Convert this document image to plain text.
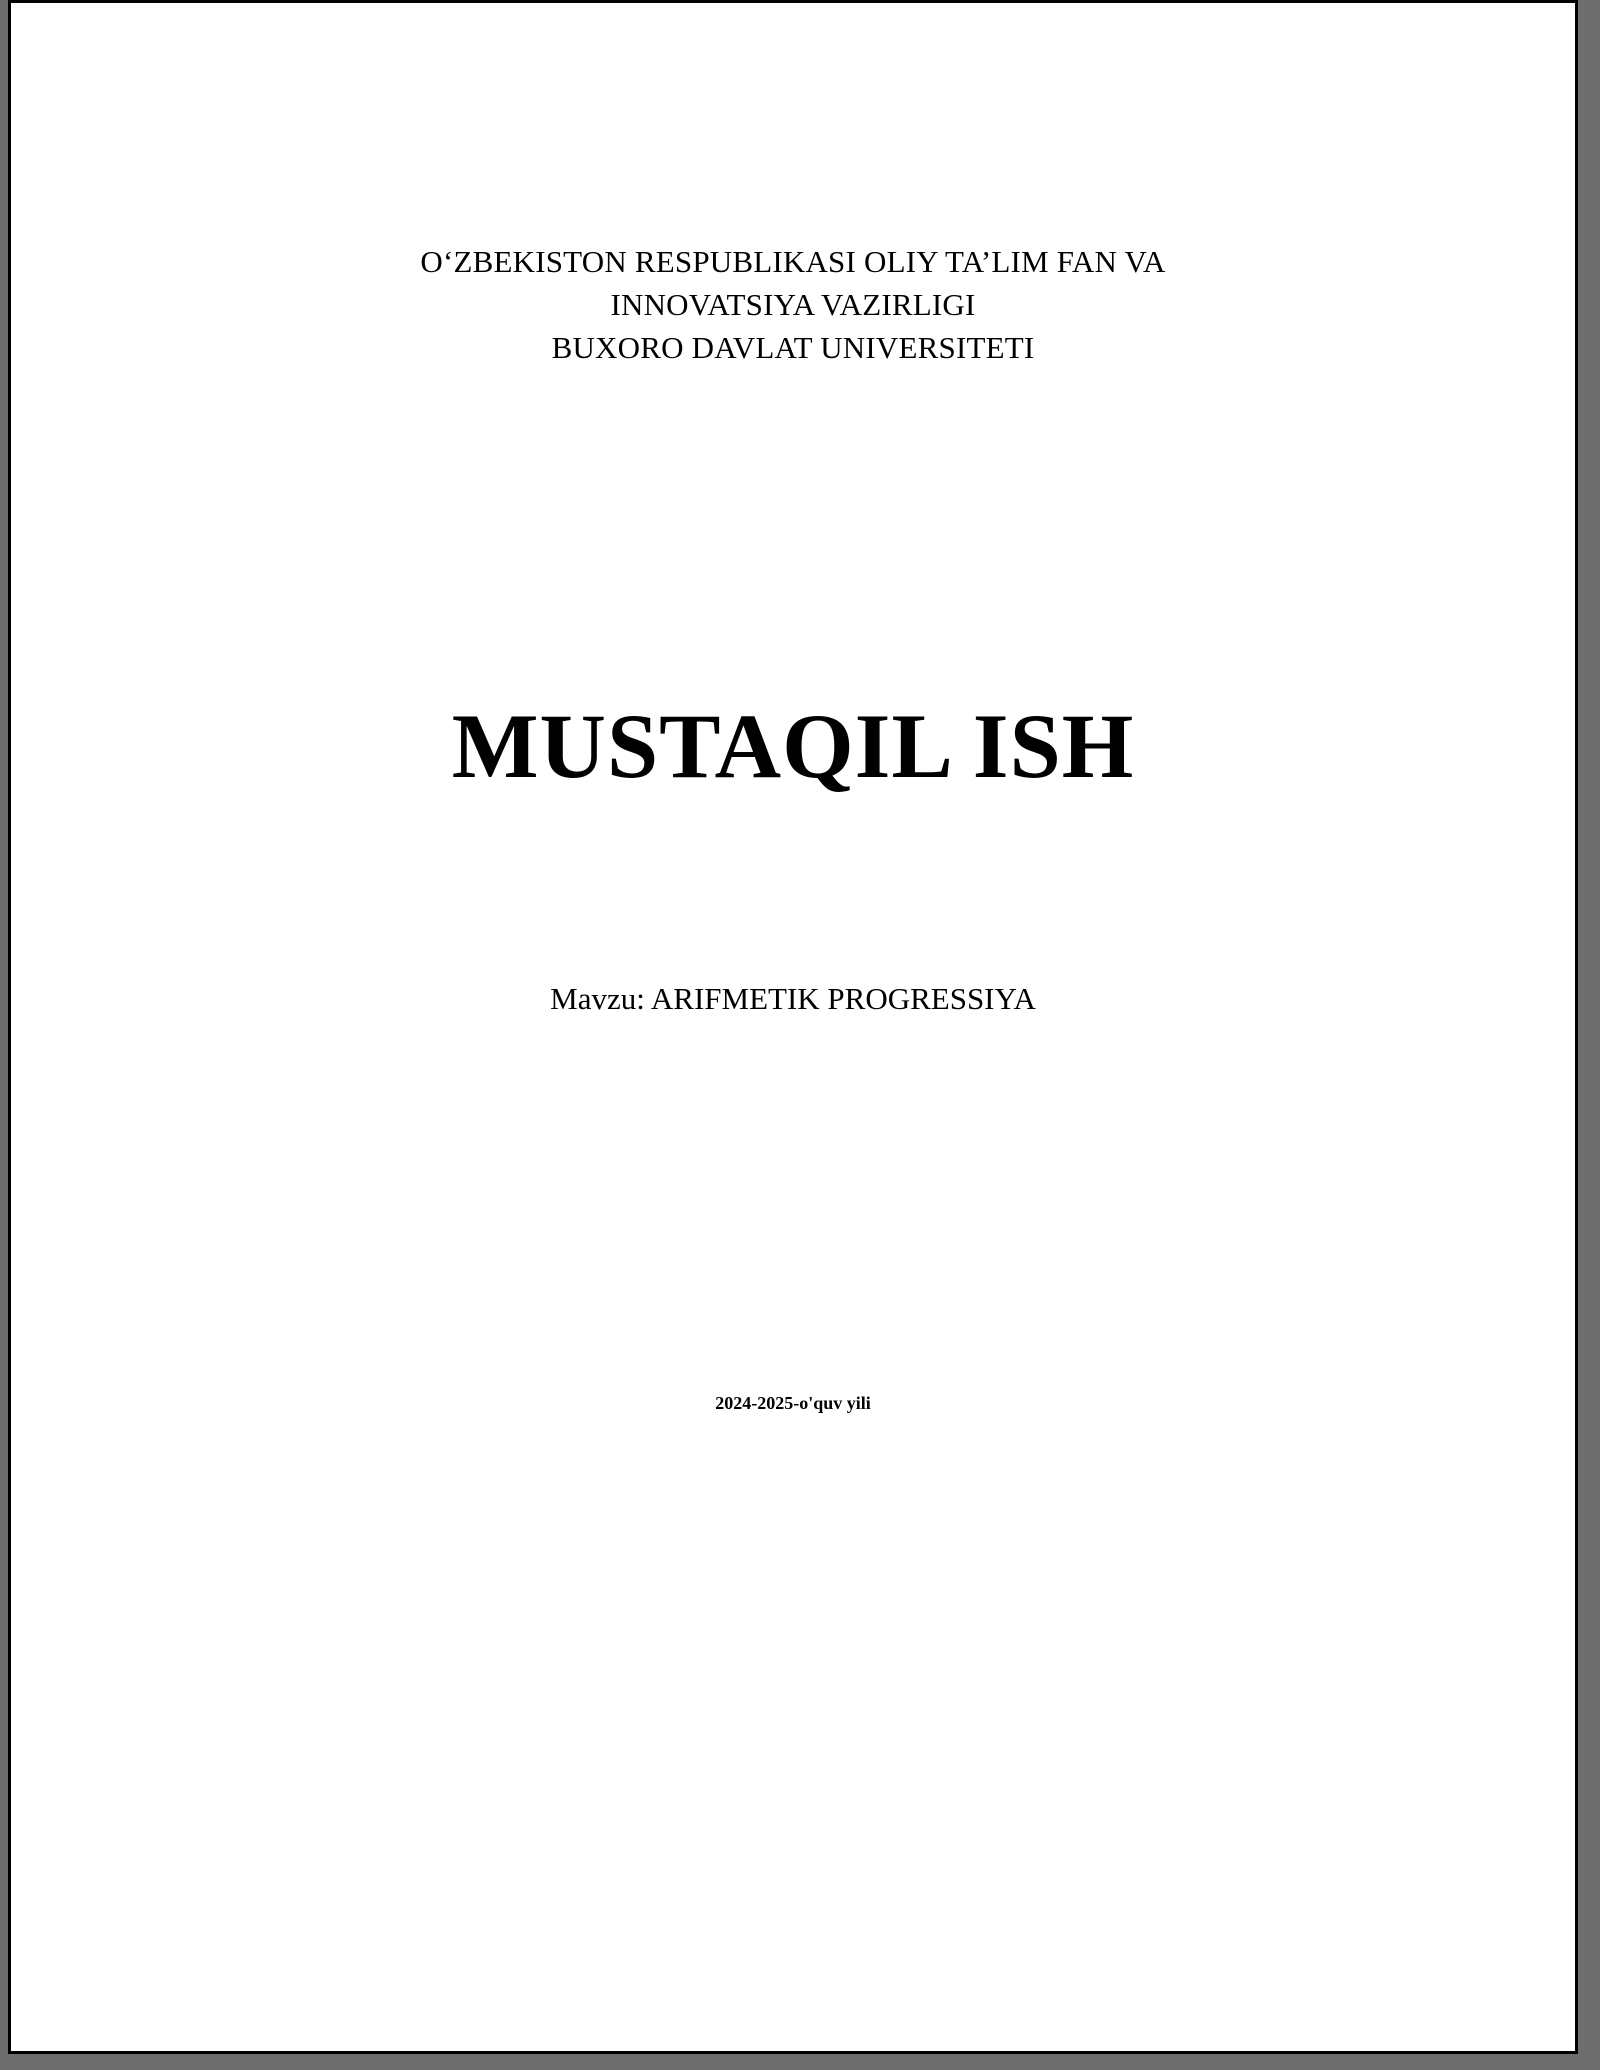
O‘ZBEKISTON RESPUBLIKASI OLIY TA’LIM FAN VA
INNOVATSIYA VAZIRLIGI
BUXORO DAVLAT UNIVERSITETI
MUSTAQIL ISH
Mavzu: ARIFMETIK PROGRESSIYA
2024-2025-o'quv yili
